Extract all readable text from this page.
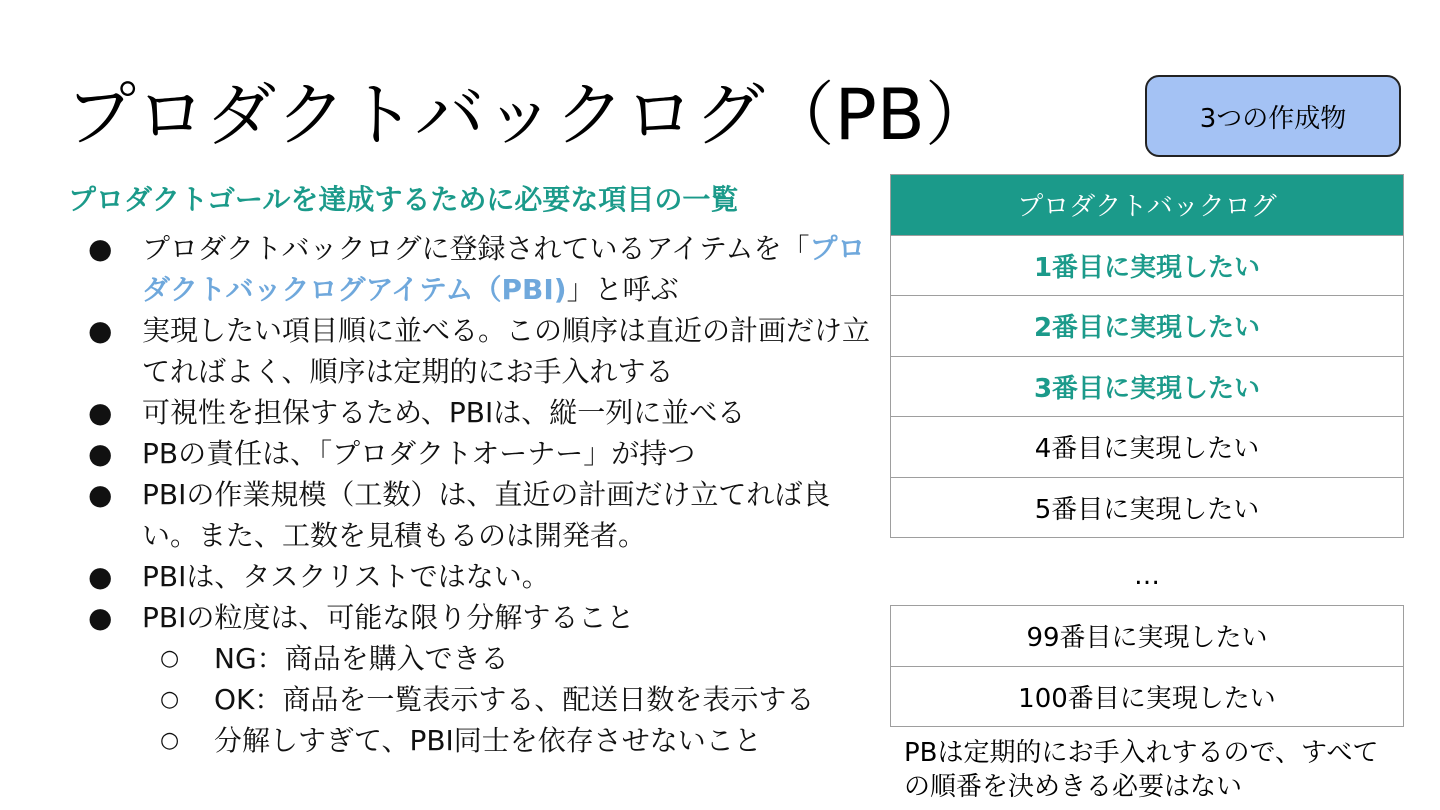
プロダクトバックログ（PB）
プロダクトゴールを達成するために必要な項目の一覧
● プロダクトバックログに登録されているアイテムを「プロダクトバックログアイテム（PBI)」と呼ぶ
● 実現したい項目順に並べる。この順序は直近の計画だけ立てればよく、順序は定期的にお手入れする
● 可視性を担保するため、PBIは、縦一列に並べる
● PBの責任は、「プロダクトオーナー」が持つ
● PBIの作業規模（工数）は、直近の計画だけ立てれば良い。また、工数を見積もるのは開発者。
● PBIは、タスクリストではない。
● PBIの粒度は、可能な限り分解すること
○ NG：商品を購入できる
○ OK：商品を一覧表示する、配送日数を表示する
○ 分解しすぎて、PBI同士を依存させないこと
3つの作成物
プロダクトバックログ
1番目に実現したい
2番目に実現したい
3番目に実現したい
4番目に実現したい
5番目に実現したい
…
99番目に実現したい
100番目に実現したい
PBは定期的にお手入れするので、すべての順番を決めきる必要はない
